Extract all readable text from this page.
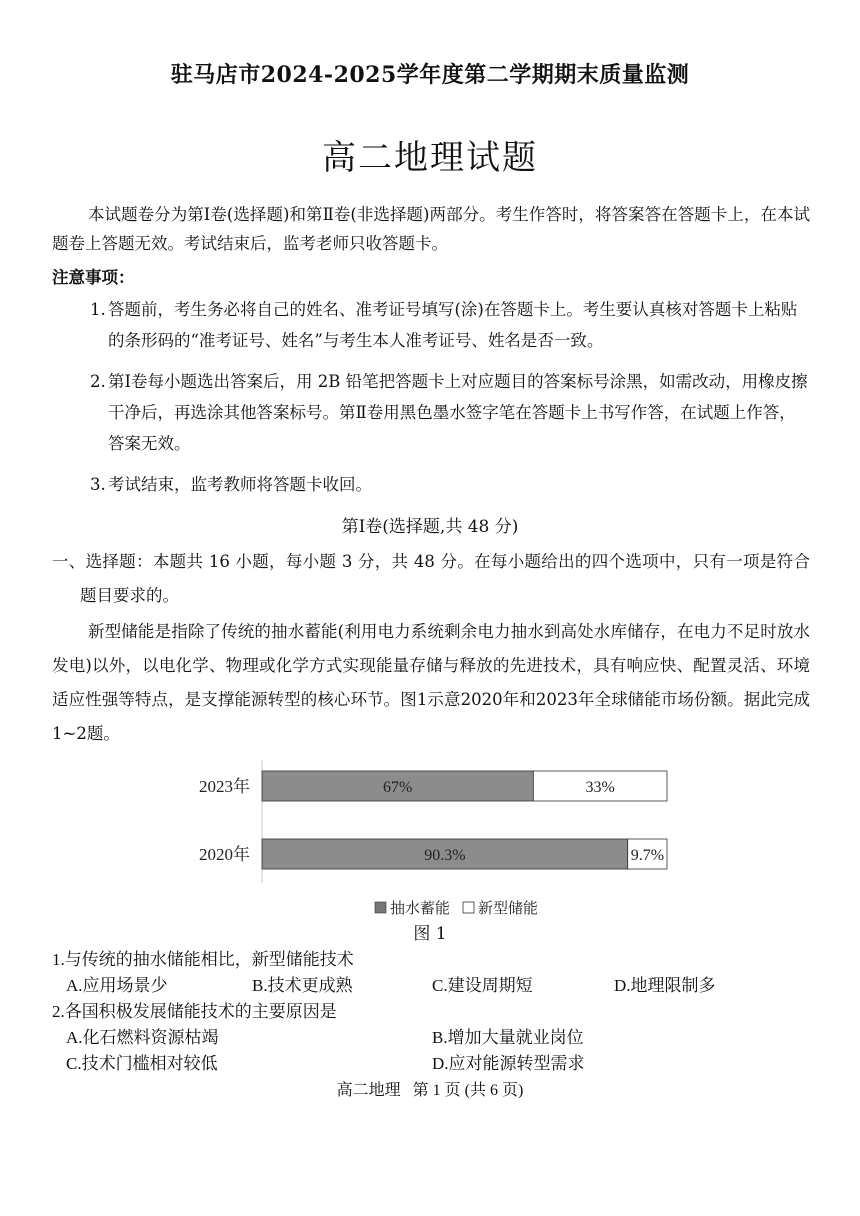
驻马店市2024-2025学年度第二学期期末质量监测
高二地理试题
本试题卷分为第Ⅰ卷(选择题)和第Ⅱ卷(非选择题)两部分。考生作答时，将答案答在答题卡上，在本试题卷上答题无效。考试结束后，监考老师只收答题卡。
注意事项：
1. 答题前，考生务必将自己的姓名、准考证号填写(涂)在答题卡上。考生要认真核对答题卡上粘贴的条形码的“准考证号、姓名”与考生本人准考证号、姓名是否一致。
2. 第Ⅰ卷每小题选出答案后，用 2B 铅笔把答题卡上对应题目的答案标号涂黑，如需改动，用橡皮擦干净后，再选涂其他答案标号。第Ⅱ卷用黑色墨水签字笔在答题卡上书写作答，在试题上作答，答案无效。
3. 考试结束，监考教师将答题卡收回。
第Ⅰ卷(选择题,共 48 分)
一、选择题：本题共 16 小题，每小题 3 分，共 48 分。在每小题给出的四个选项中，只有一项是符合题目要求的。
新型储能是指除了传统的抽水蓄能(利用电力系统剩余电力抽水到高处水库储存，在电力不足时放水发电)以外，以电化学、物理或化学方式实现能量存储与释放的先进技术，具有响应快、配置灵活、环境适应性强等特点，是支撑能源转型的核心环节。图1示意2020年和2023年全球储能市场份额。据此完成1~2题。
2023年	67%	33%
2020年	90.3%	9.7%
抽水蓄能 新型储能
图 1
1.与传统的抽水储能相比，新型储能技术
A.应用场景少	B.技术更成熟	C.建设周期短	D.地理限制多
2.各国积极发展储能技术的主要原因是
A.化石燃料资源枯竭	B.增加大量就业岗位
C.技术门槛相对较低	D.应对能源转型需求
高二地理   第 1 页 (共 6 页)
